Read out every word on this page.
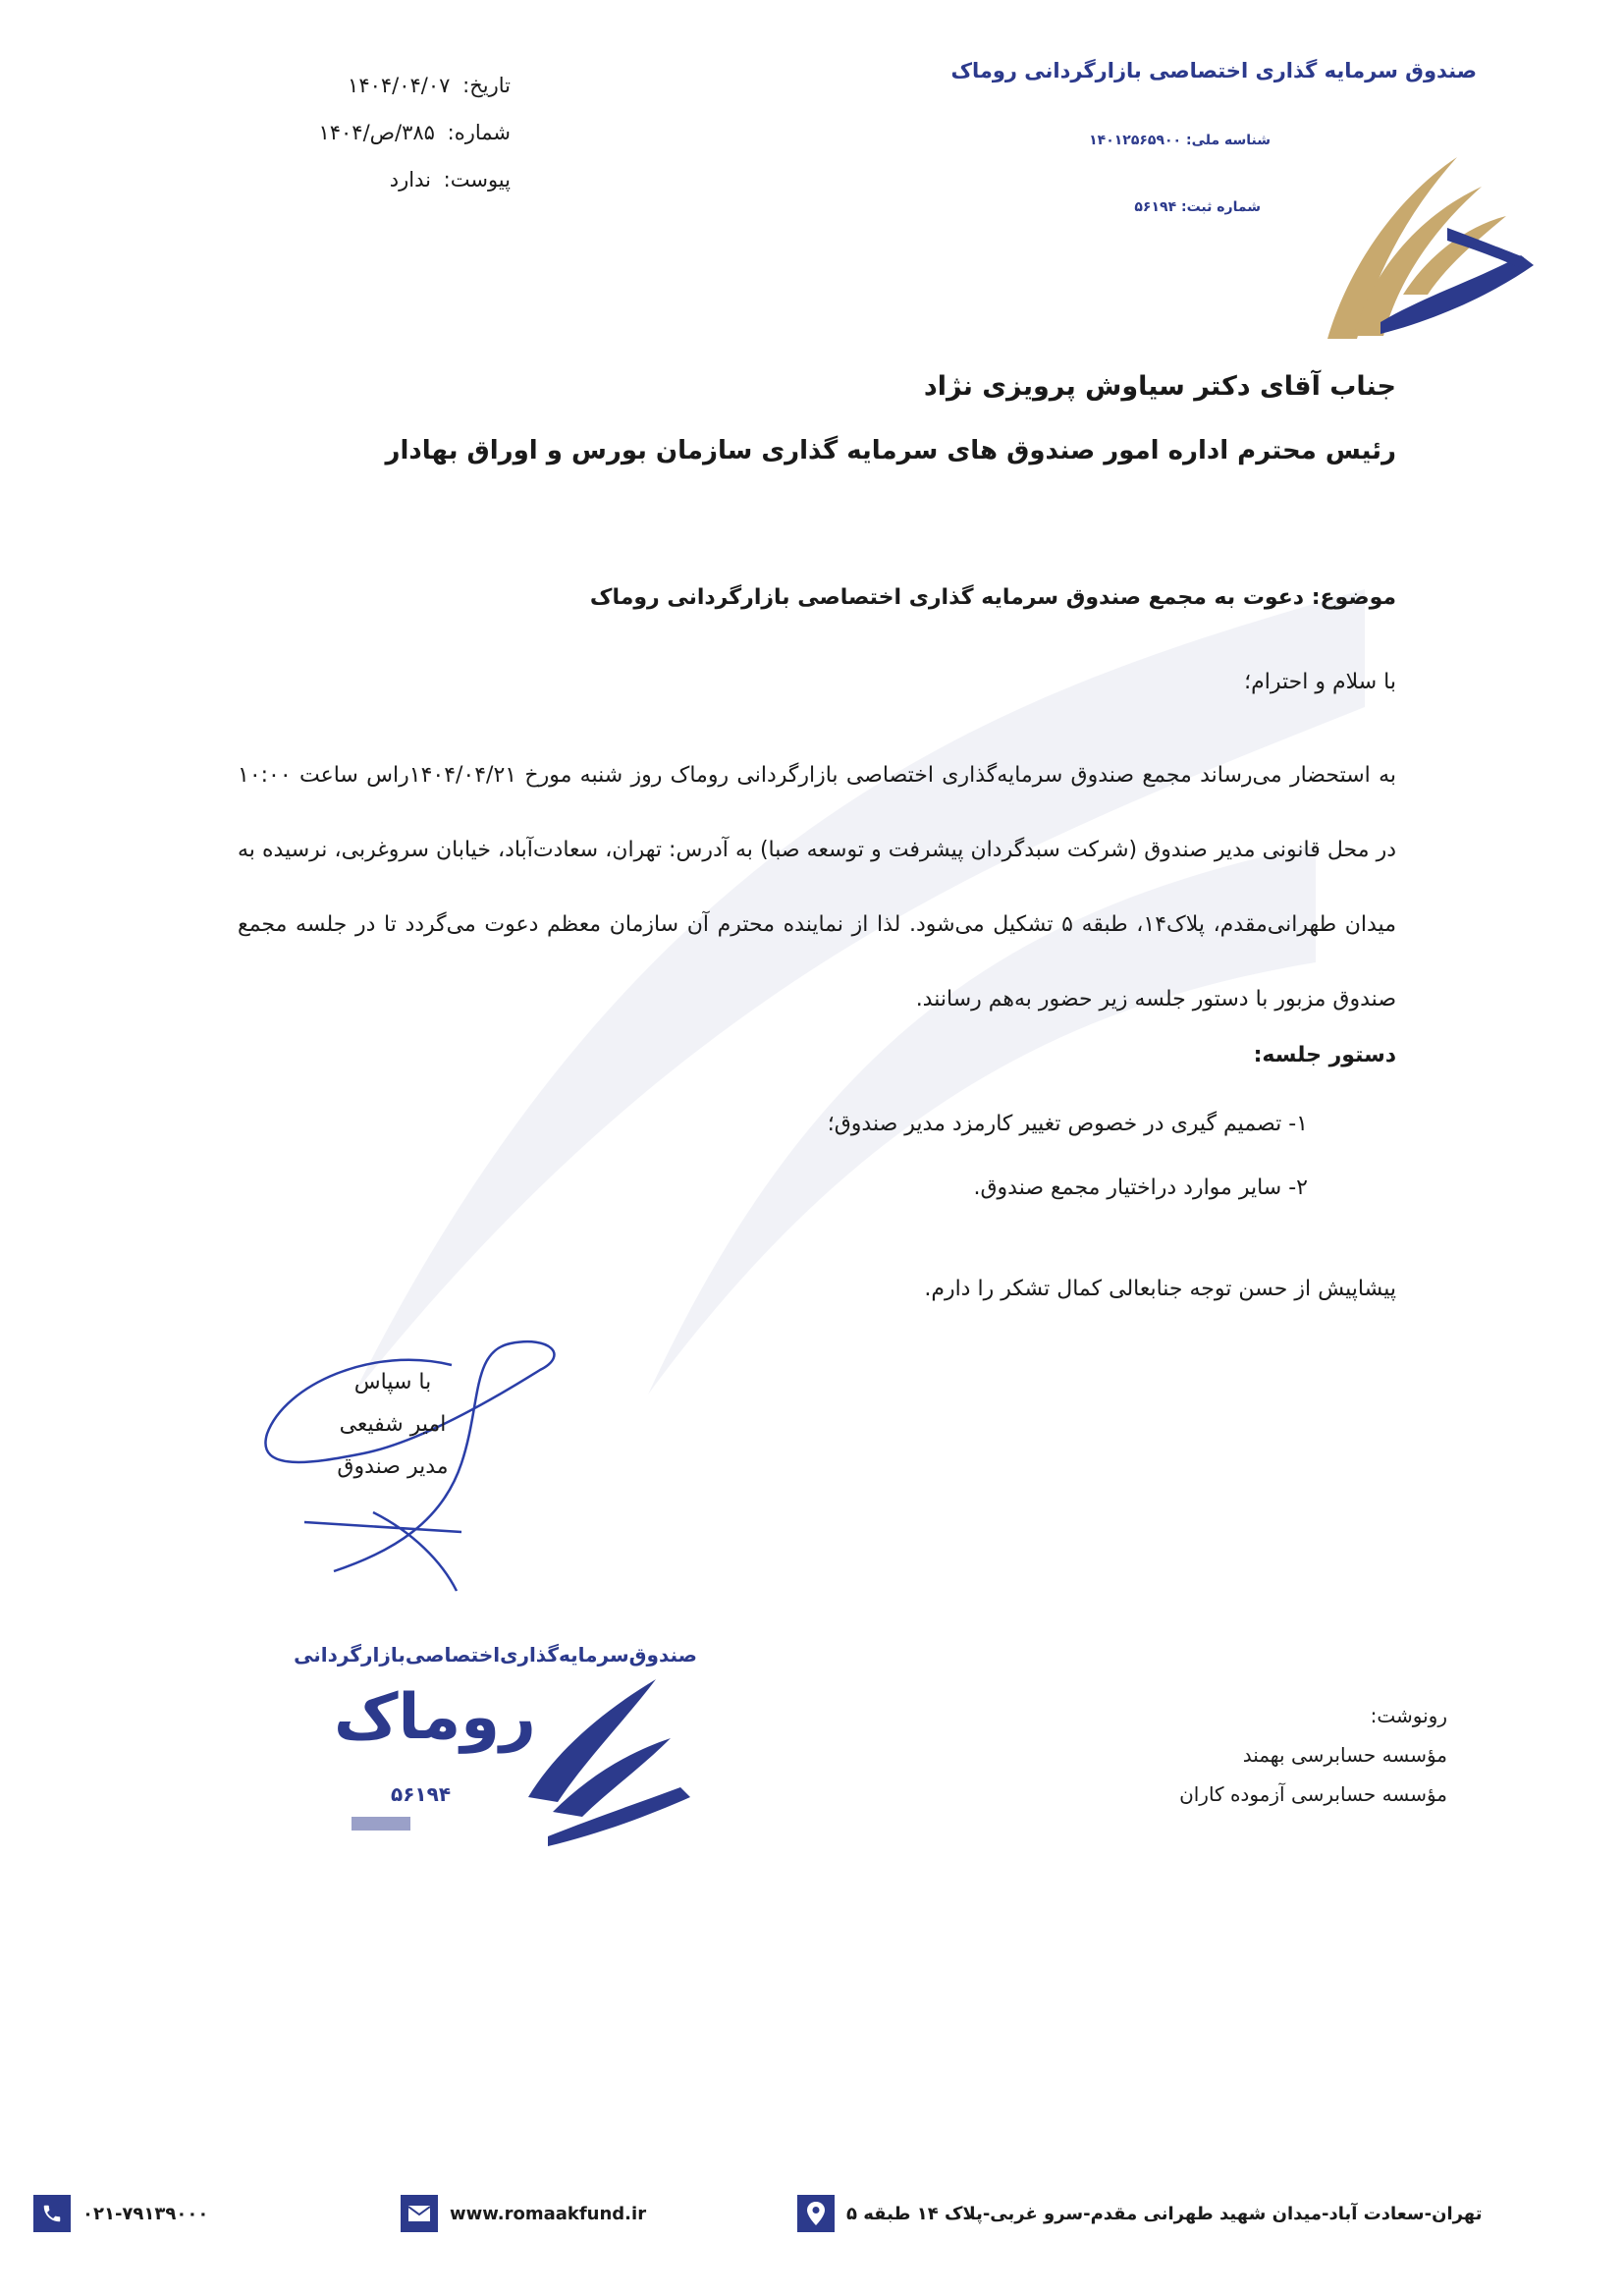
صندوق سرمایه گذاری اختصاصی بازارگردانی روماک
شناسه ملی: ۱۴۰۱۲۵۶۵۹۰۰
شماره ثبت: ۵۶۱۹۴
تاریخ: ۱۴۰۴/۰۴/۰۷
شماره: ۳۸۵/ص/۱۴۰۴
پیوست: ندارد
جناب آقای دکتر سیاوش پرویزی نژاد
رئیس محترم اداره امور صندوق های سرمایه گذاری سازمان بورس و اوراق بهادار
موضوع: دعوت به مجمع صندوق سرمایه گذاری اختصاصی بازارگردانی روماک
با سلام و احترام؛
به استحضار می‌رساند مجمع صندوق سرمایه‌گذاری اختصاصی بازارگردانی روماک روز شنبه مورخ ۱۴۰۴/۰۴/۲۱راس ساعت ۱۰:۰۰ در محل قانونی مدیر صندوق (شرکت سبدگردان پیشرفت و توسعه صبا) به آدرس: تهران، سعادت‌آباد، خیابان سروغربی، نرسیده به میدان طهرانی‌مقدم، پلاک۱۴، طبقه ۵ تشکیل می‌شود. لذا از نماینده محترم آن سازمان معظم دعوت می‌گردد تا در جلسه مجمع صندوق مزبور با دستور جلسه زیر حضور به‌هم رسانند.
دستور جلسه:
۱- تصمیم گیری در خصوص تغییر کارمزد مدیر صندوق؛
۲- سایر موارد دراختیار مجمع صندوق.
پیشاپیش از حسن توجه جنابعالی کمال تشکر را دارم.
با سپاس
امیر شفیعی
مدیر صندوق
صندوق‌سرمایه‌گذاری‌اختصاصی‌بازارگردانی
روماک
۵۶۱۹۴
رونوشت:
مؤسسه حسابرسی بهمند
مؤسسه حسابرسی آزموده کاران
۰۲۱-۷۹۱۳۹۰۰۰	www.romaakfund.ir	تهران-سعادت آباد-میدان شهید طهرانی مقدم-سرو غربی-پلاک ۱۴ طبقه ۵
